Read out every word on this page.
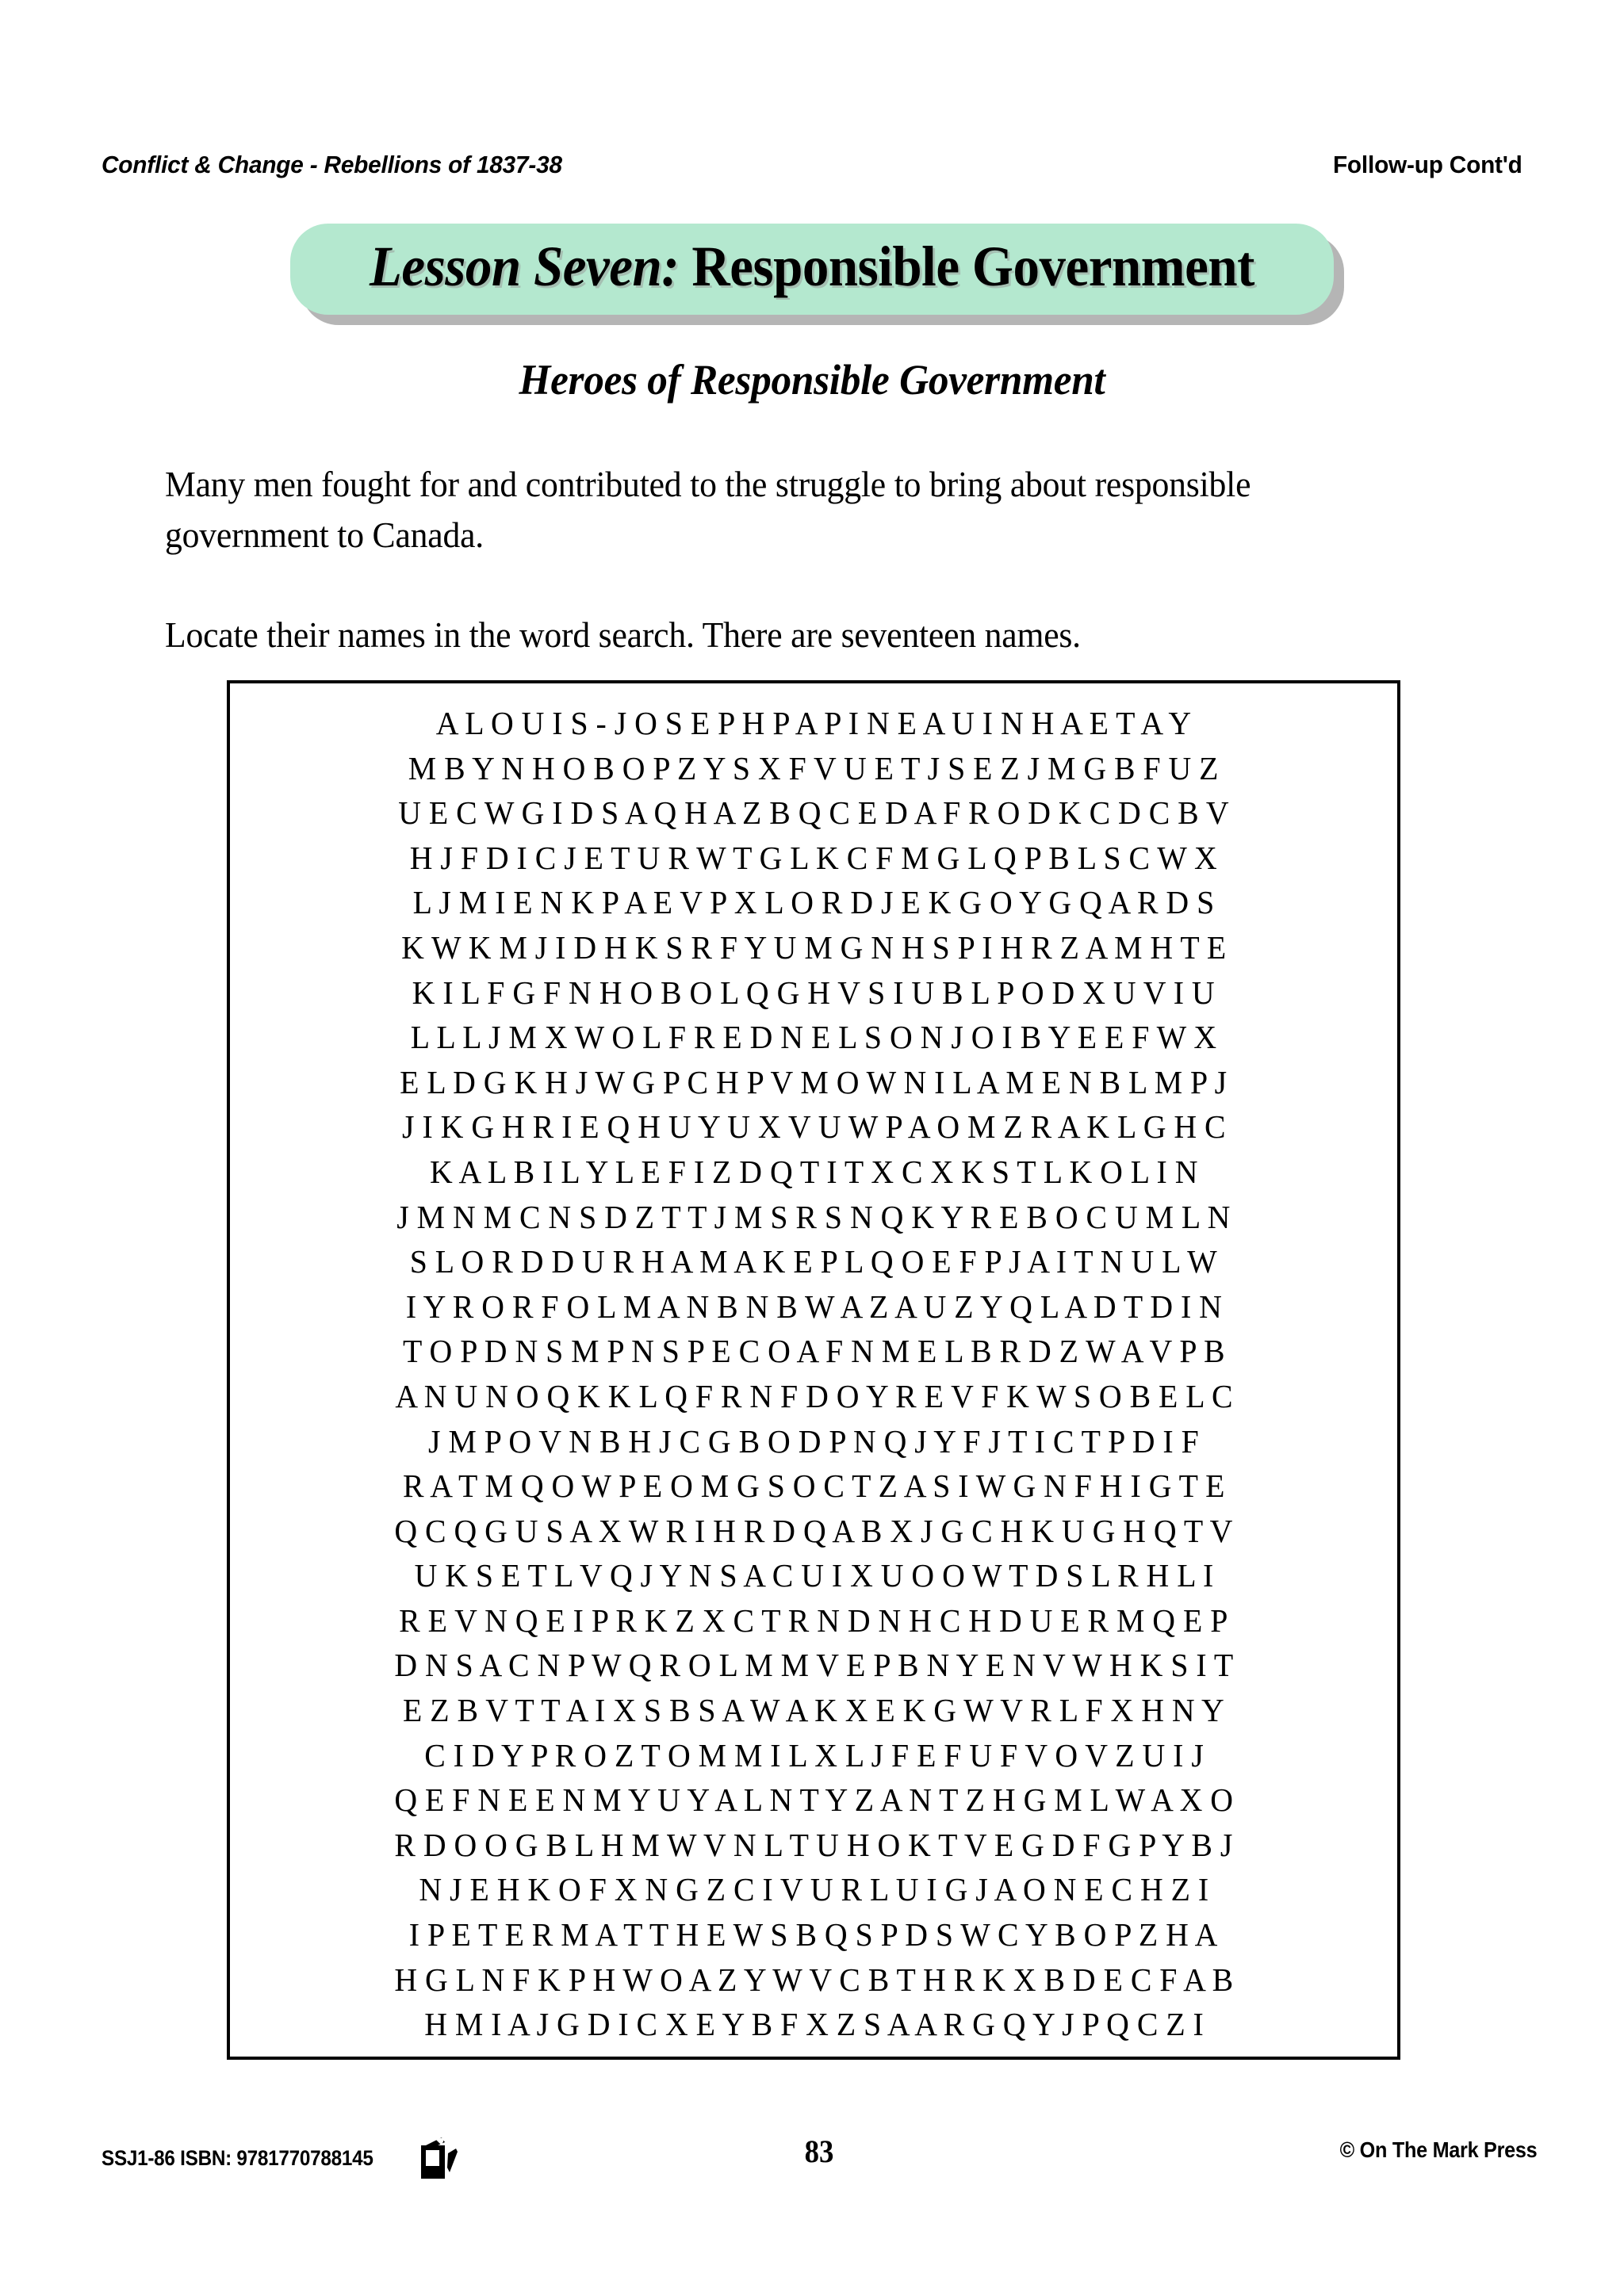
Conflict & Change - Rebellions of 1837-38	Follow-up Cont'd
Lesson Seven: Responsible Government
Heroes of Responsible Government
Many men fought for and contributed to the struggle to bring about responsible government to Canada.
Locate their names in the word search. There are seventeen names.
A L O U I S - J O S E P H P A P I N E A U I N H A E T A Y
M B Y N H O B O P Z Y S X F V U E T J S E Z J M G B F U Z
U E C W G I D S A Q H A Z B Q C E D A F R O D K C D C B V
H J F D I C J E T U R W T G L K C F M G L Q P B L S C W X
L J M I E N K P A E V P X L O R D J E K G O Y G Q A R D S
K W K M J I D H K S R F Y U M G N H S P I H R Z A M H T E
K I L F G F N H O B O L Q G H V S I U B L P O D X U V I U
L L L J M X W O L F R E D N E L S O N J O I B Y E E F W X
E L D G K H J W G P C H P V M O W N I L A M E N B L M P J
J I K G H R I E Q H U Y U X V U W P A O M Z R A K L G H C
K A L B I L Y L E F I Z D Q T I T X C X K S T L K O L I N
J M N M C N S D Z T T J M S R S N Q K Y R E B O C U M L N
S L O R D D U R H A M A K E P L Q O E F P J A I T N U L W
I Y R O R F O L M A N B N B W A Z A U Z Y Q L A D T D I N
T O P D N S M P N S P E C O A F N M E L B R D Z W A V P B
A N U N O Q K K L Q F R N F D O Y R E V F K W S O B E L C
J M P O V N B H J C G B O D P N Q J Y F J T I C T P D I F
R A T M Q O W P E O M G S O C T Z A S I W G N F H I G T E
Q C Q G U S A X W R I H R D Q A B X J G C H K U G H Q T V
U K S E T L V Q J Y N S A C U I X U O O W T D S L R H L I
R E V N Q E I P R K Z X C T R N D N H C H D U E R M Q E P
D N S A C N P W Q R O L M M V E P B N Y E N V W H K S I T
E Z B V T T A I X S B S A W A K X E K G W V R L F X H N Y
C I D Y P R O Z T O M M I L X L J F E F U F V O V Z U I J
Q E F N E E N M Y U Y A L N T Y Z A N T Z H G M L W A X O
R D O O G B L H M W V N L T U H O K T V E G D F G P Y B J
N J E H K O F X N G Z C I V U R L U I G J A O N E C H Z I
I P E T E R M A T T H E W S B Q S P D S W C Y B O P Z H A
H G L N F K P H W O A Z Y W V C B T H R K X B D E C F A B
H M I A J G D I C X E Y B F X Z S A A R G Q Y J P Q C Z I
SSJ1-86 ISBN: 9781770788145	83	© On The Mark Press
